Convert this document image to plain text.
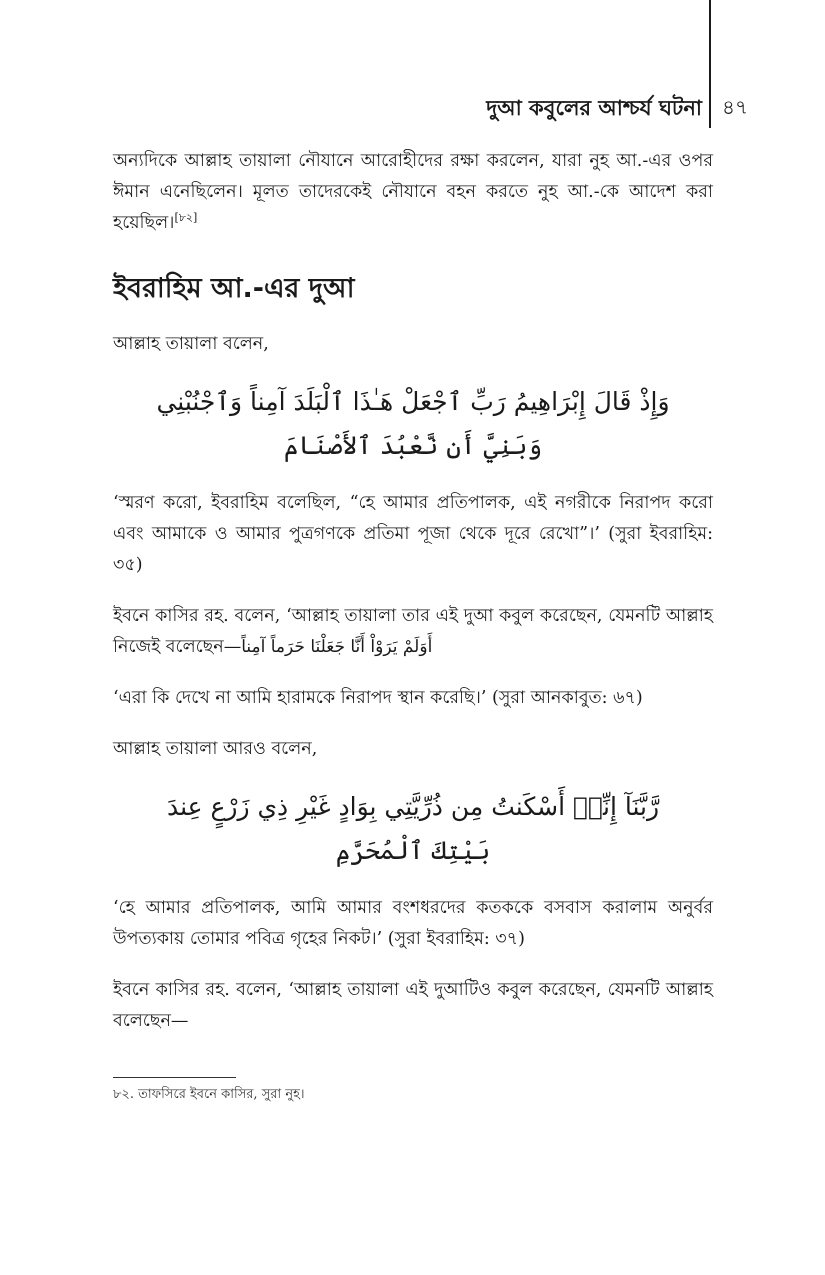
দুআ কবুলের আশ্চর্য ঘটনা ৪৭

অন্যদিকে আল্লাহ তায়ালা নৌযানে আরোহীদের রক্ষা করলেন, যারা নুহ আ.-এর ওপর ঈমান এনেছিলেন। মূলত তাদেরকেই নৌযানে বহন করতে নুহ আ.-কে আদেশ করা হয়েছিল।[৮২]

ইবরাহিম আ.-এর দুআ

আল্লাহ তায়ালা বলেন,

وَإِذْ قَالَ إِبْرَاهِيمُ رَبِّ ٱجْعَلْ هَـٰذَا ٱلْبَلَدَ آمِناً وَٱجْنُبْنِي
وَبَنِيَّ أَن نَّعْبُدَ ٱلأَصْنَامَ

‘স্মরণ করো, ইবরাহিম বলেছিল, “হে আমার প্রতিপালক, এই নগরীকে নিরাপদ করো এবং আমাকে ও আমার পুত্রগণকে প্রতিমা পূজা থেকে দূরে রেখো”।’ (সুরা ইবরাহিম: ৩৫)

ইবনে কাসির রহ. বলেন, ‘আল্লাহ তায়ালা তার এই দুআ কবুল করেছেন, যেমনটি আল্লাহ নিজেই বলেছেন—أَوَلَمْ يَرَوْاْ أَنَّا جَعَلْنَا حَرَماً آمِناً

‘এরা কি দেখে না আমি হারামকে নিরাপদ স্থান করেছি।’ (সুরা আনকাবুত: ৬৭)

আল্লাহ তায়ালা আরও বলেন,

رَّبَّنَآ إِنِّيۤ أَسْكَنتُ مِن ذُرِّيَّتِي بِوَادٍ غَيْرِ ذِي زَرْعٍ عِندَ
بَيْتِكَ ٱلْمُحَرَّمِ

‘হে আমার প্রতিপালক, আমি আমার বংশধরদের কতককে বসবাস করালাম অনুর্বর উপত্যকায় তোমার পবিত্র গৃহের নিকট।’ (সুরা ইবরাহিম: ৩৭)

ইবনে কাসির রহ. বলেন, ‘আল্লাহ তায়ালা এই দুআটিও কবুল করেছেন, যেমনটি আল্লাহ বলেছেন—

৮২. তাফসিরে ইবনে কাসির, সুরা নুহ।
